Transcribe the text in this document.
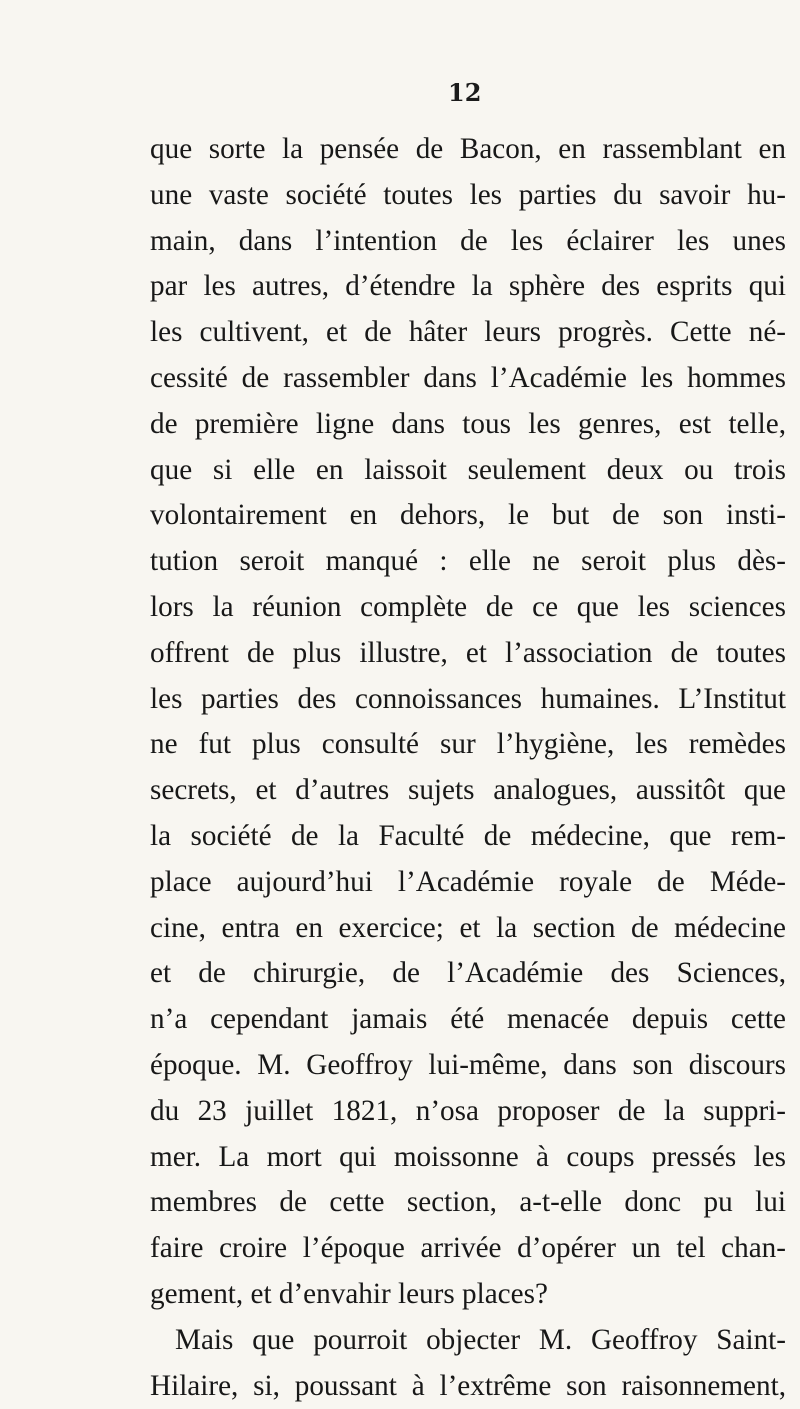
12
que sorte la pensée de Bacon, en rassemblant en
une vaste société toutes les parties du savoir hu-
main, dans l’intention de les éclairer les unes
par les autres, d’étendre la sphère des esprits qui
les cultivent, et de hâter leurs progrès. Cette né-
cessité de rassembler dans l’Académie les hommes
de première ligne dans tous les genres, est telle,
que si elle en laissoit seulement deux ou trois
volontairement en dehors, le but de son insti-
tution seroit manqué : elle ne seroit plus dès-
lors la réunion complète de ce que les sciences
offrent de plus illustre, et l’association de toutes
les parties des connoissances humaines. L’Institut
ne fut plus consulté sur l’hygiène, les remèdes
secrets, et d’autres sujets analogues, aussitôt que
la société de la Faculté de médecine, que rem-
place aujourd’hui l’Académie royale de Méde-
cine, entra en exercice; et la section de médecine
et de chirurgie, de l’Académie des Sciences,
n’a cependant jamais été menacée depuis cette
époque. M. Geoffroy lui-même, dans son discours
du 23 juillet 1821, n’osa proposer de la suppri-
mer. La mort qui moissonne à coups pressés les
membres de cette section, a-t-elle donc pu lui
faire croire l’époque arrivée d’opérer un tel chan-
gement, et d’envahir leurs places?
Mais que pourroit objecter M. Geoffroy Saint-
Hilaire, si, poussant à l’extrême son raisonnement,
